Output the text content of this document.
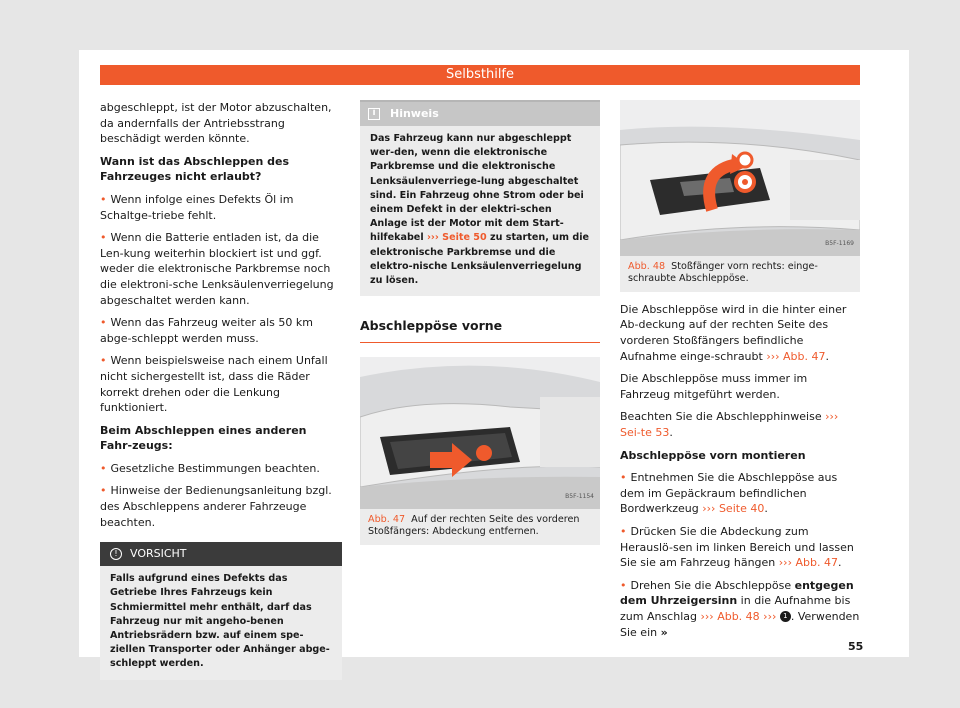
Selbsthilfe

abgeschleppt, ist der Motor abzuschalten, da andernfalls der Antriebsstrang beschädigt werden könnte.

Wann ist das Abschleppen des Fahrzeuges nicht erlaubt?

• Wenn infolge eines Defekts Öl im Schaltge-triebe fehlt.

• Wenn die Batterie entladen ist, da die Len-kung weiterhin blockiert ist und ggf. weder die elektronische Parkbremse noch die elektroni-sche Lenksäulenverriegelung abgeschaltet werden kann.

• Wenn das Fahrzeug weiter als 50 km abge-schleppt werden muss.

• Wenn beispielsweise nach einem Unfall nicht sichergestellt ist, dass die Räder korrekt drehen oder die Lenkung funktioniert.

Beim Abschleppen eines anderen Fahr-zeugs:

• Gesetzliche Bestimmungen beachten.

• Hinweise der Bedienungsanleitung bzgl. des Abschleppens anderer Fahrzeuge beachten.

!	VORSICHT
Falls aufgrund eines Defekts das Getriebe Ihres Fahrzeugs kein Schmiermittel mehr enthält, darf das Fahrzeug nur mit angeho-benen Antriebsrädern bzw. auf einem spe-ziellen Transporter oder Anhänger abge-schleppt werden.
i	Hinweis
Das Fahrzeug kann nur abgeschleppt wer-den, wenn die elektronische Parkbremse und die elektronische Lenksäulenverriege-lung abgeschaltet sind. Ein Fahrzeug ohne Strom oder bei einem Defekt in der elektri-schen Anlage ist der Motor mit dem Start-hilfekabel ››› Seite 50 zu starten, um die elektronische Parkbremse und die elektro-nische Lenksäulenverriegelung zu lösen.
Abschleppöse vorne
B5F-1154
Abb. 47 Auf der rechten Seite des vorderen Stoßfängers: Abdeckung entfernen.
B5F-1169
Abb. 48 Stoßfänger vorn rechts: einge-schraubte Abschleppöse.

Die Abschleppöse wird in die hinter einer Ab-deckung auf der rechten Seite des vorderen Stoßfängers befindliche Aufnahme einge-schraubt ››› Abb. 47.

Die Abschleppöse muss immer im Fahrzeug mitgeführt werden.

Beachten Sie die Abschlepphinweise ››› Sei-te 53.

Abschleppöse vorn montieren

• Entnehmen Sie die Abschleppöse aus dem im Gepäckraum befindlichen Bordwerkzeug ››› Seite 40.

• Drücken Sie die Abdeckung zum Herauslö-sen im linken Bereich und lassen Sie sie am Fahrzeug hängen ››› Abb. 47.

• Drehen Sie die Abschleppöse entgegen dem Uhrzeigersinn in die Aufnahme bis zum Anschlag ››› Abb. 48 ››› 1 . Verwenden Sie ein »

55
